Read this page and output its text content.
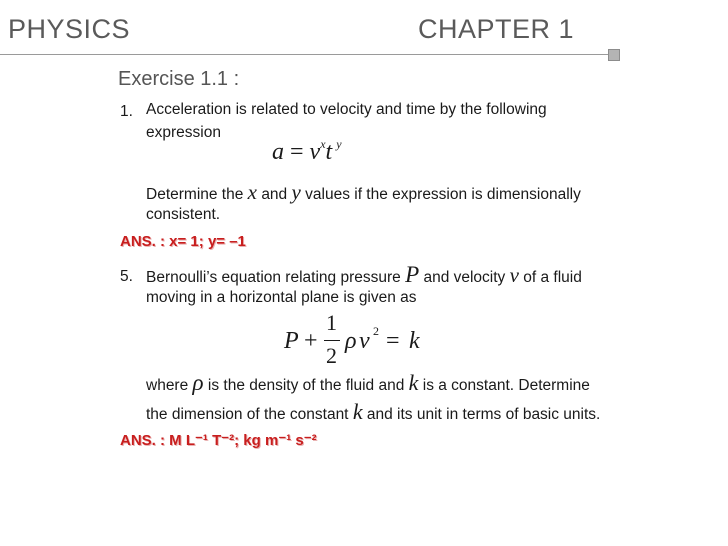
PHYSICS	CHAPTER 1
Exercise 1.1 :
1. Acceleration is related to velocity and time by the following
expression
$a = v^xt$ $^y$
Determine the x and y values if the expression is dimensionally
consistent.
ANS. : x= 1; y= –1
5. Bernoulli’s equation relating pressure P and velocity v of a fluid
moving in a horizontal plane is given as
P +
1
2
ρ v 2 = k
where ρ is the density of the fluid and k is a constant. Determine
the dimension of the constant k and its unit in terms of basic units.
ANS. : M L⁻¹ T⁻²; kg m⁻¹ s⁻²
